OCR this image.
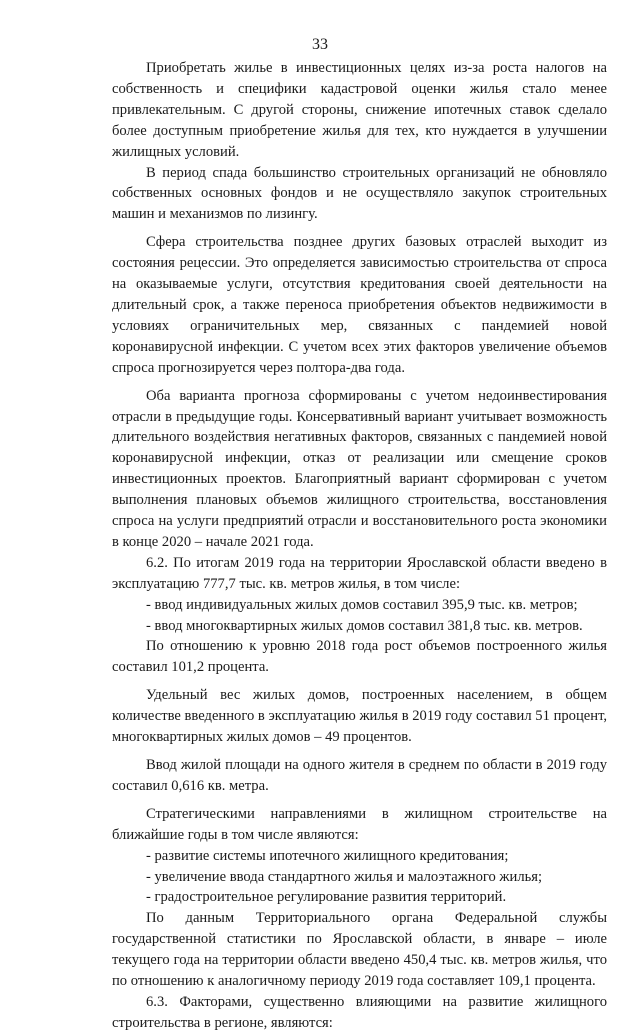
33

Приобретать жилье в инвестиционных целях из-за роста налогов на собственность и специфики кадастровой оценки жилья стало менее привлекательным. С другой стороны, снижение ипотечных ставок сделало более доступным приобретение жилья для тех, кто нуждается в улучшении жилищных условий.

В период спада большинство строительных организаций не обновляло собственных основных фондов и не осуществляло закупок строительных машин и механизмов по лизингу.

Сфера строительства позднее других базовых отраслей выходит из состояния рецессии. Это определяется зависимостью строительства от спроса на оказываемые услуги, отсутствия кредитования своей деятельности на длительный срок, а также переноса приобретения объектов недвижимости в условиях ограничительных мер, связанных с пандемией новой коронавирусной инфекции. С учетом всех этих факторов увеличение объемов спроса прогнозируется через полтора-два года.

Оба варианта прогноза сформированы с учетом недоинвестирования отрасли в предыдущие годы. Консервативный вариант учитывает возможность длительного воздействия негативных факторов, связанных с пандемией новой коронавирусной инфекции, отказ от реализации или смещение сроков инвестиционных проектов. Благоприятный вариант сформирован с учетом выполнения плановых объемов жилищного строительства, восстановления спроса на услуги предприятий отрасли и восстановительного роста экономики в конце 2020 – начале 2021 года.

6.2. По итогам 2019 года на территории Ярославской области введено в эксплуатацию 777,7 тыс. кв. метров жилья, в том числе:

- ввод индивидуальных жилых домов составил 395,9 тыс. кв. метров;

- ввод многоквартирных жилых домов составил 381,8 тыс. кв. метров.

По отношению к уровню 2018 года рост объемов построенного жилья составил 101,2 процента.

Удельный вес жилых домов, построенных населением, в общем количестве введенного в эксплуатацию жилья в 2019 году составил 51 процент, многоквартирных жилых домов – 49 процентов.

Ввод жилой площади на одного жителя в среднем по области в 2019 году составил 0,616 кв. метра.

Стратегическими направлениями в жилищном строительстве на ближайшие годы в том числе являются:

- развитие системы ипотечного жилищного кредитования;

- увеличение ввода стандартного жилья и малоэтажного жилья;

- градостроительное регулирование развития территорий.

По данным Территориального органа Федеральной службы государственной статистики по Ярославской области, в январе – июле текущего года на территории области введено 450,4 тыс. кв. метров жилья, что по отношению к аналогичному периоду 2019 года составляет 109,1 процента.

6.3. Факторами, существенно влияющими на развитие жилищного строительства в регионе, являются:
